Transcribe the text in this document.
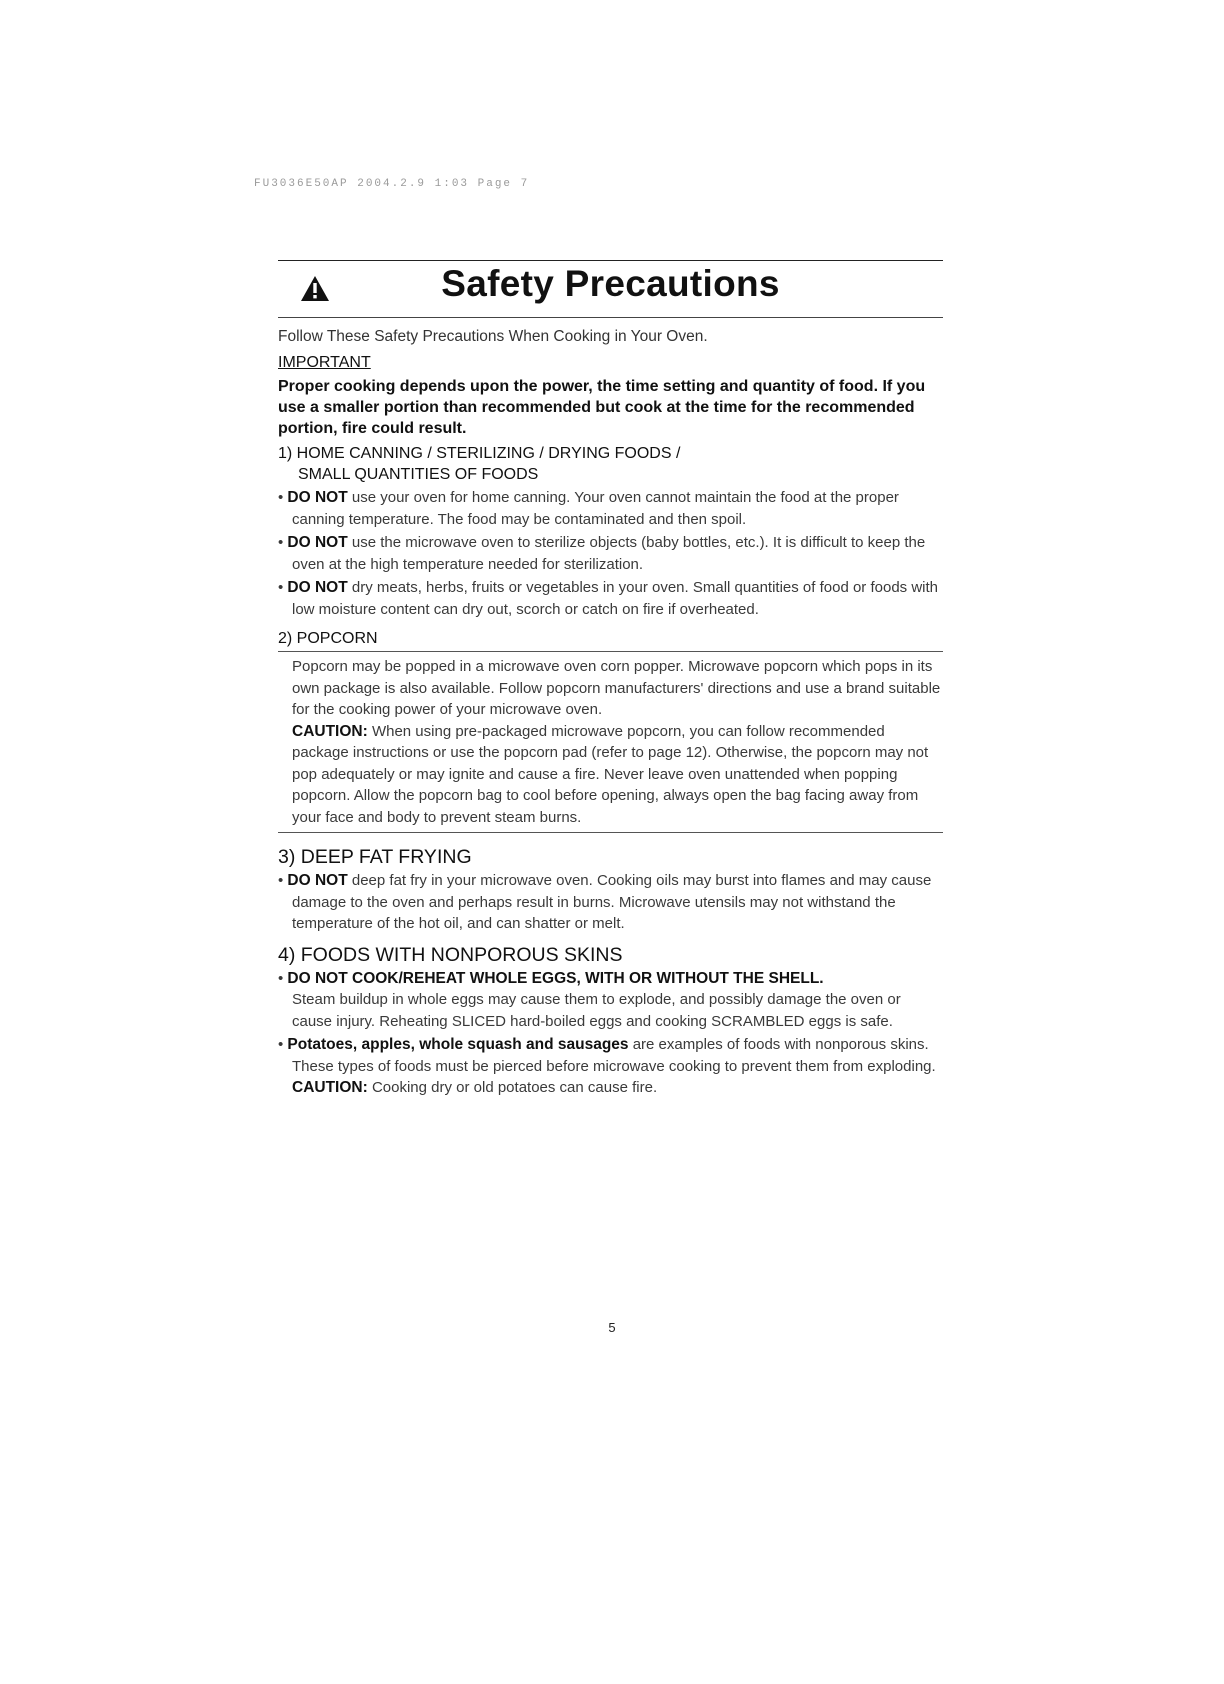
FU3036E50AP 2004.2.9 1:03 Page 7
Safety Precautions
Follow These Safety Precautions When Cooking in Your Oven.
IMPORTANT
Proper cooking depends upon the power, the time setting and quantity of food. If you use a smaller portion than recommended but cook at the time for the recommended portion, fire could result.
1) HOME CANNING / STERILIZING / DRYING FOODS /
SMALL QUANTITIES OF FOODS
• DO NOT use your oven for home canning. Your oven cannot maintain the food at the proper canning temperature. The food may be contaminated and then spoil.
• DO NOT use the microwave oven to sterilize objects (baby bottles, etc.). It is difficult to keep the oven at the high temperature needed for sterilization.
• DO NOT dry meats, herbs, fruits or vegetables in your oven. Small quantities of food or foods with low moisture content can dry out, scorch or catch on fire if overheated.
2) POPCORN
Popcorn may be popped in a microwave oven corn popper. Microwave popcorn which pops in its own package is also available. Follow popcorn manufacturers' directions and use a brand suitable for the cooking power of your microwave oven.
CAUTION: When using pre-packaged microwave popcorn, you can follow recommended package instructions or use the popcorn pad (refer to page 12). Otherwise, the popcorn may not pop adequately or may ignite and cause a fire. Never leave oven unattended when popping popcorn. Allow the popcorn bag to cool before opening, always open the bag facing away from your face and body to prevent steam burns.
3) DEEP FAT FRYING
• DO NOT deep fat fry in your microwave oven. Cooking oils may burst into flames and may cause damage to the oven and perhaps result in burns. Microwave utensils may not withstand the temperature of the hot oil, and can shatter or melt.
4) FOODS WITH NONPOROUS SKINS
• DO NOT COOK/REHEAT WHOLE EGGS, WITH OR WITHOUT THE SHELL.
Steam buildup in whole eggs may cause them to explode, and possibly damage the oven or cause injury. Reheating SLICED hard-boiled eggs and cooking SCRAMBLED eggs is safe.
• Potatoes, apples, whole squash and sausages are examples of foods with nonporous skins. These types of foods must be pierced before microwave cooking to prevent them from exploding.
CAUTION: Cooking dry or old potatoes can cause fire.
5
